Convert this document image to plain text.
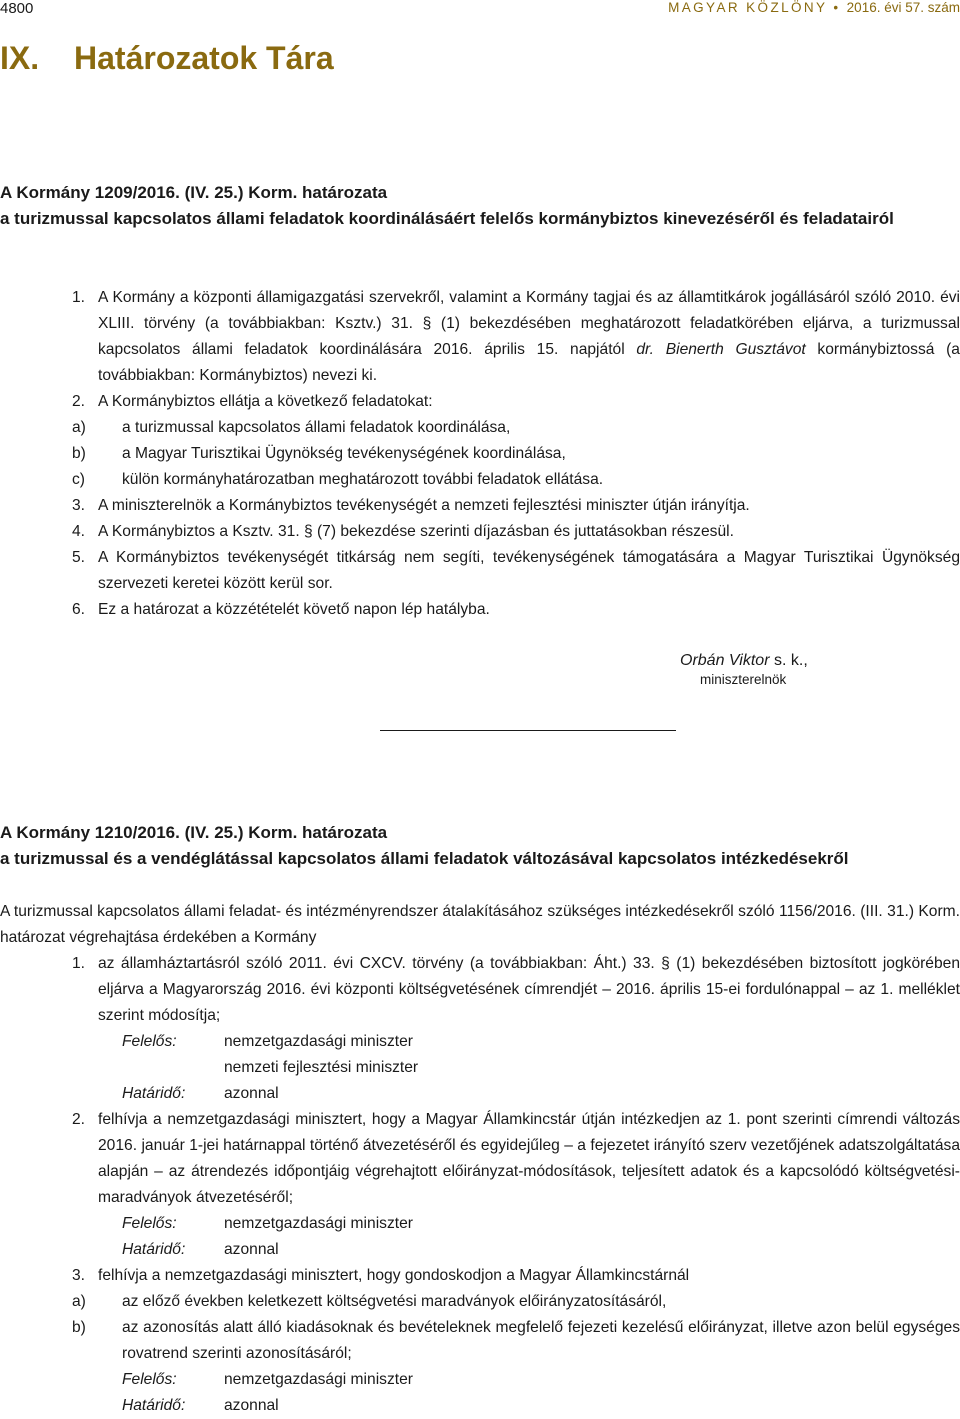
4800	MAGYAR KÖZLÖNY • 2016. évi 57. szám
IX. Határozatok Tára
A Kormány 1209/2016. (IV. 25.) Korm. határozata
a turizmussal kapcsolatos állami feladatok koordinálásáért felelős kormánybiztos kinevezéséről és feladatairól
1. A Kormány a központi államigazgatási szervekről, valamint a Kormány tagjai és az államtitkárok jogállásáról szóló 2010. évi XLIII. törvény (a továbbiakban: Ksztv.) 31. § (1) bekezdésében meghatározott feladatkörében eljárva, a turizmussal kapcsolatos állami feladatok koordinálására 2016. április 15. napjától dr. Bienerth Gusztávot kormánybiztossá (a továbbiakban: Kormánybiztos) nevezi ki.
2. A Kormánybiztos ellátja a következő feladatokat:
a)	a turizmussal kapcsolatos állami feladatok koordinálása,
b)	a Magyar Turisztikai Ügynökség tevékenységének koordinálása,
c)	külön kormányhatározatban meghatározott további feladatok ellátása.
3. A miniszterelnök a Kormánybiztos tevékenységét a nemzeti fejlesztési miniszter útján irányítja.
4. A Kormánybiztos a Ksztv. 31. § (7) bekezdése szerinti díjazásban és juttatásokban részesül.
5. A Kormánybiztos tevékenységét titkárság nem segíti, tevékenységének támogatására a Magyar Turisztikai Ügynökség szervezeti keretei között kerül sor.
6. Ez a határozat a közzétételét követő napon lép hatályba.
Orbán Viktor s. k.,
miniszterelnök
A Kormány 1210/2016. (IV. 25.) Korm. határozata
a turizmussal és a vendéglátással kapcsolatos állami feladatok változásával kapcsolatos intézkedésekről
A turizmussal kapcsolatos állami feladat- és intézményrendszer átalakításához szükséges intézkedésekről szóló 1156/2016. (III. 31.) Korm. határozat végrehajtása érdekében a Kormány
1. az államháztartásról szóló 2011. évi CXCV. törvény (a továbbiakban: Áht.) 33. § (1) bekezdésében biztosított jogkörében eljárva a Magyarország 2016. évi központi költségvetésének címrendjét – 2016. április 15-ei fordulónappal – az 1. melléklet szerint módosítja;
Felelős:	nemzetgazdasági miniszter
nemzeti fejlesztési miniszter
Határidő:	azonnal
2. felhívja a nemzetgazdasági minisztert, hogy a Magyar Államkincstár útján intézkedjen az 1. pont szerinti címrendi változás 2016. január 1-jei határnappal történő átvezetéséről és egyidejűleg – a fejezetet irányító szerv vezetőjének adatszolgáltatása alapján – az átrendezés időpontjáig végrehajtott előirányzat-módosítások, teljesített adatok és a kapcsolódó költségvetési-maradványok átvezetéséről;
Felelős:	nemzetgazdasági miniszter
Határidő:	azonnal
3. felhívja a nemzetgazdasági minisztert, hogy gondoskodjon a Magyar Államkincstárnál
a)	az előző években keletkezett költségvetési maradványok előirányzatosításáról,
b)	az azonosítás alatt álló kiadásoknak és bevételeknek megfelelő fejezeti kezelésű előirányzat, illetve azon belül egységes rovatrend szerinti azonosításáról;
Felelős:	nemzetgazdasági miniszter
Határidő:	azonnal
